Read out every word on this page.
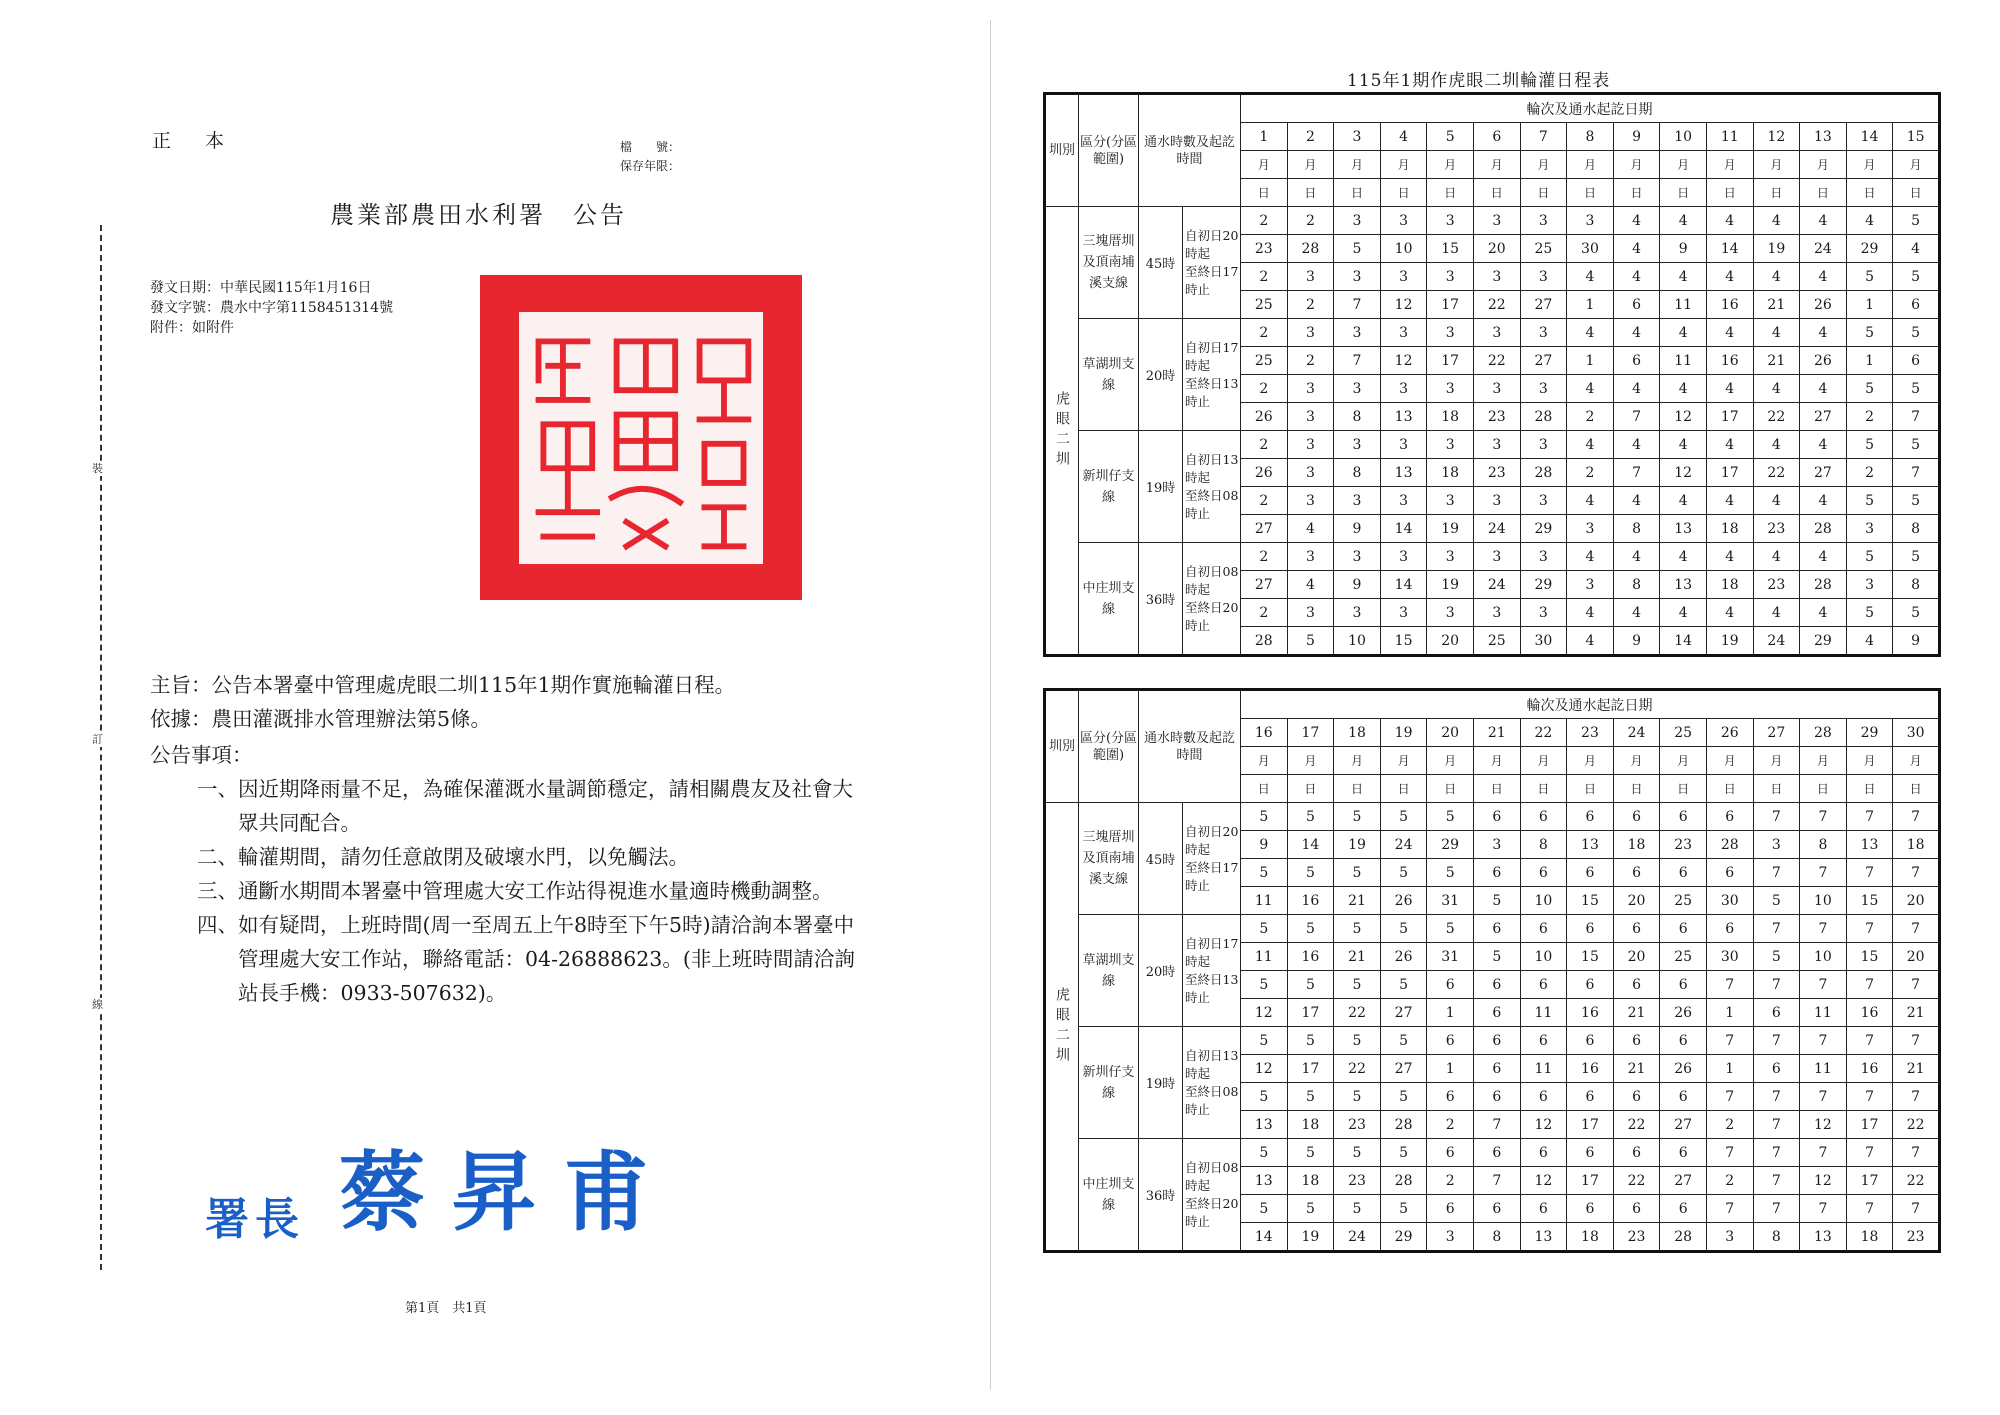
裝
訂
線
正 本	檔　　號：
保存年限：
農業部農田水利署　公告
發文日期：中華民國115年1月16日
發文字號：農水中字第1158451314號
附件：如附件

主旨：公告本署臺中管理處虎眼二圳115年1期作實施輪灌日程。

依據：農田灌溉排水管理辦法第5條。

公告事項：

一、 因近期降雨量不足，為確保灌溉水量調節穩定，請相關農友及社會大眾共同配合。
二、 輪灌期間，請勿任意啟閉及破壞水門，以免觸法。
三、 通斷水期間本署臺中管理處大安工作站得視進水量適時機動調整。
四、 如有疑問，上班時間(周一至周五上午8時至下午5時)請洽詢本署臺中管理處大安工作站，聯絡電話：04-26888623。(非上班時間請洽詢站長手機：0933-507632)。
署長 蔡昇甫
第1頁　共1頁
115年1期作虎眼二圳輪灌日程表
圳別	區分(分區範圍)	通水時數及起訖時間		輪次及通水起訖日期														
				1	2	3	4	5	6	7	8	9	10	11	12	13	14	15
				月	月	月	月	月	月	月	月	月	月	月	月	月	月	月
				日	日	日	日	日	日	日	日	日	日	日	日	日	日	日
虎眼二圳	三塊厝圳及頂南埔溪支線	45時	自初日20
時起
至終日17
時止	2	2	3	3	3	3	3	3	4	4	4	4	4	4	5
				23	28	5	10	15	20	25	30	4	9	14	19	24	29	4
				2	3	3	3	3	3	3	4	4	4	4	4	4	5	5
				25	2	7	12	17	22	27	1	6	11	16	21	26	1	6
	草湖圳支線	20時	自初日17
時起
至終日13
時止	2	3	3	3	3	3	3	4	4	4	4	4	4	5	5
				25	2	7	12	17	22	27	1	6	11	16	21	26	1	6
				2	3	3	3	3	3	3	4	4	4	4	4	4	5	5
				26	3	8	13	18	23	28	2	7	12	17	22	27	2	7
	新圳仔支線	19時	自初日13
時起
至終日08
時止	2	3	3	3	3	3	3	4	4	4	4	4	4	5	5
				26	3	8	13	18	23	28	2	7	12	17	22	27	2	7
				2	3	3	3	3	3	3	4	4	4	4	4	4	5	5
				27	4	9	14	19	24	29	3	8	13	18	23	28	3	8
	中庄圳支線	36時	自初日08
時起
至終日20
時止	2	3	3	3	3	3	3	4	4	4	4	4	4	5	5
				27	4	9	14	19	24	29	3	8	13	18	23	28	3	8
				2	3	3	3	3	3	3	4	4	4	4	4	4	5	5
				28	5	10	15	20	25	30	4	9	14	19	24	29	4	9
圳別	區分(分區範圍)	通水時數及起訖時間		輪次及通水起訖日期														
				16	17	18	19	20	21	22	23	24	25	26	27	28	29	30
				月	月	月	月	月	月	月	月	月	月	月	月	月	月	月
				日	日	日	日	日	日	日	日	日	日	日	日	日	日	日
虎眼二圳	三塊厝圳及頂南埔溪支線	45時	自初日20
時起
至終日17
時止	5	5	5	5	5	6	6	6	6	6	6	7	7	7	7
				9	14	19	24	29	3	8	13	18	23	28	3	8	13	18
				5	5	5	5	5	6	6	6	6	6	6	7	7	7	7
				11	16	21	26	31	5	10	15	20	25	30	5	10	15	20
	草湖圳支線	20時	自初日17
時起
至終日13
時止	5	5	5	5	5	6	6	6	6	6	6	7	7	7	7
				11	16	21	26	31	5	10	15	20	25	30	5	10	15	20
				5	5	5	5	6	6	6	6	6	6	7	7	7	7	7
				12	17	22	27	1	6	11	16	21	26	1	6	11	16	21
	新圳仔支線	19時	自初日13
時起
至終日08
時止	5	5	5	5	6	6	6	6	6	6	7	7	7	7	7
				12	17	22	27	1	6	11	16	21	26	1	6	11	16	21
				5	5	5	5	6	6	6	6	6	6	7	7	7	7	7
				13	18	23	28	2	7	12	17	22	27	2	7	12	17	22
	中庄圳支線	36時	自初日08
時起
至終日20
時止	5	5	5	5	6	6	6	6	6	6	7	7	7	7	7
				13	18	23	28	2	7	12	17	22	27	2	7	12	17	22
				5	5	5	5	6	6	6	6	6	6	7	7	7	7	7
				14	19	24	29	3	8	13	18	23	28	3	8	13	18	23
